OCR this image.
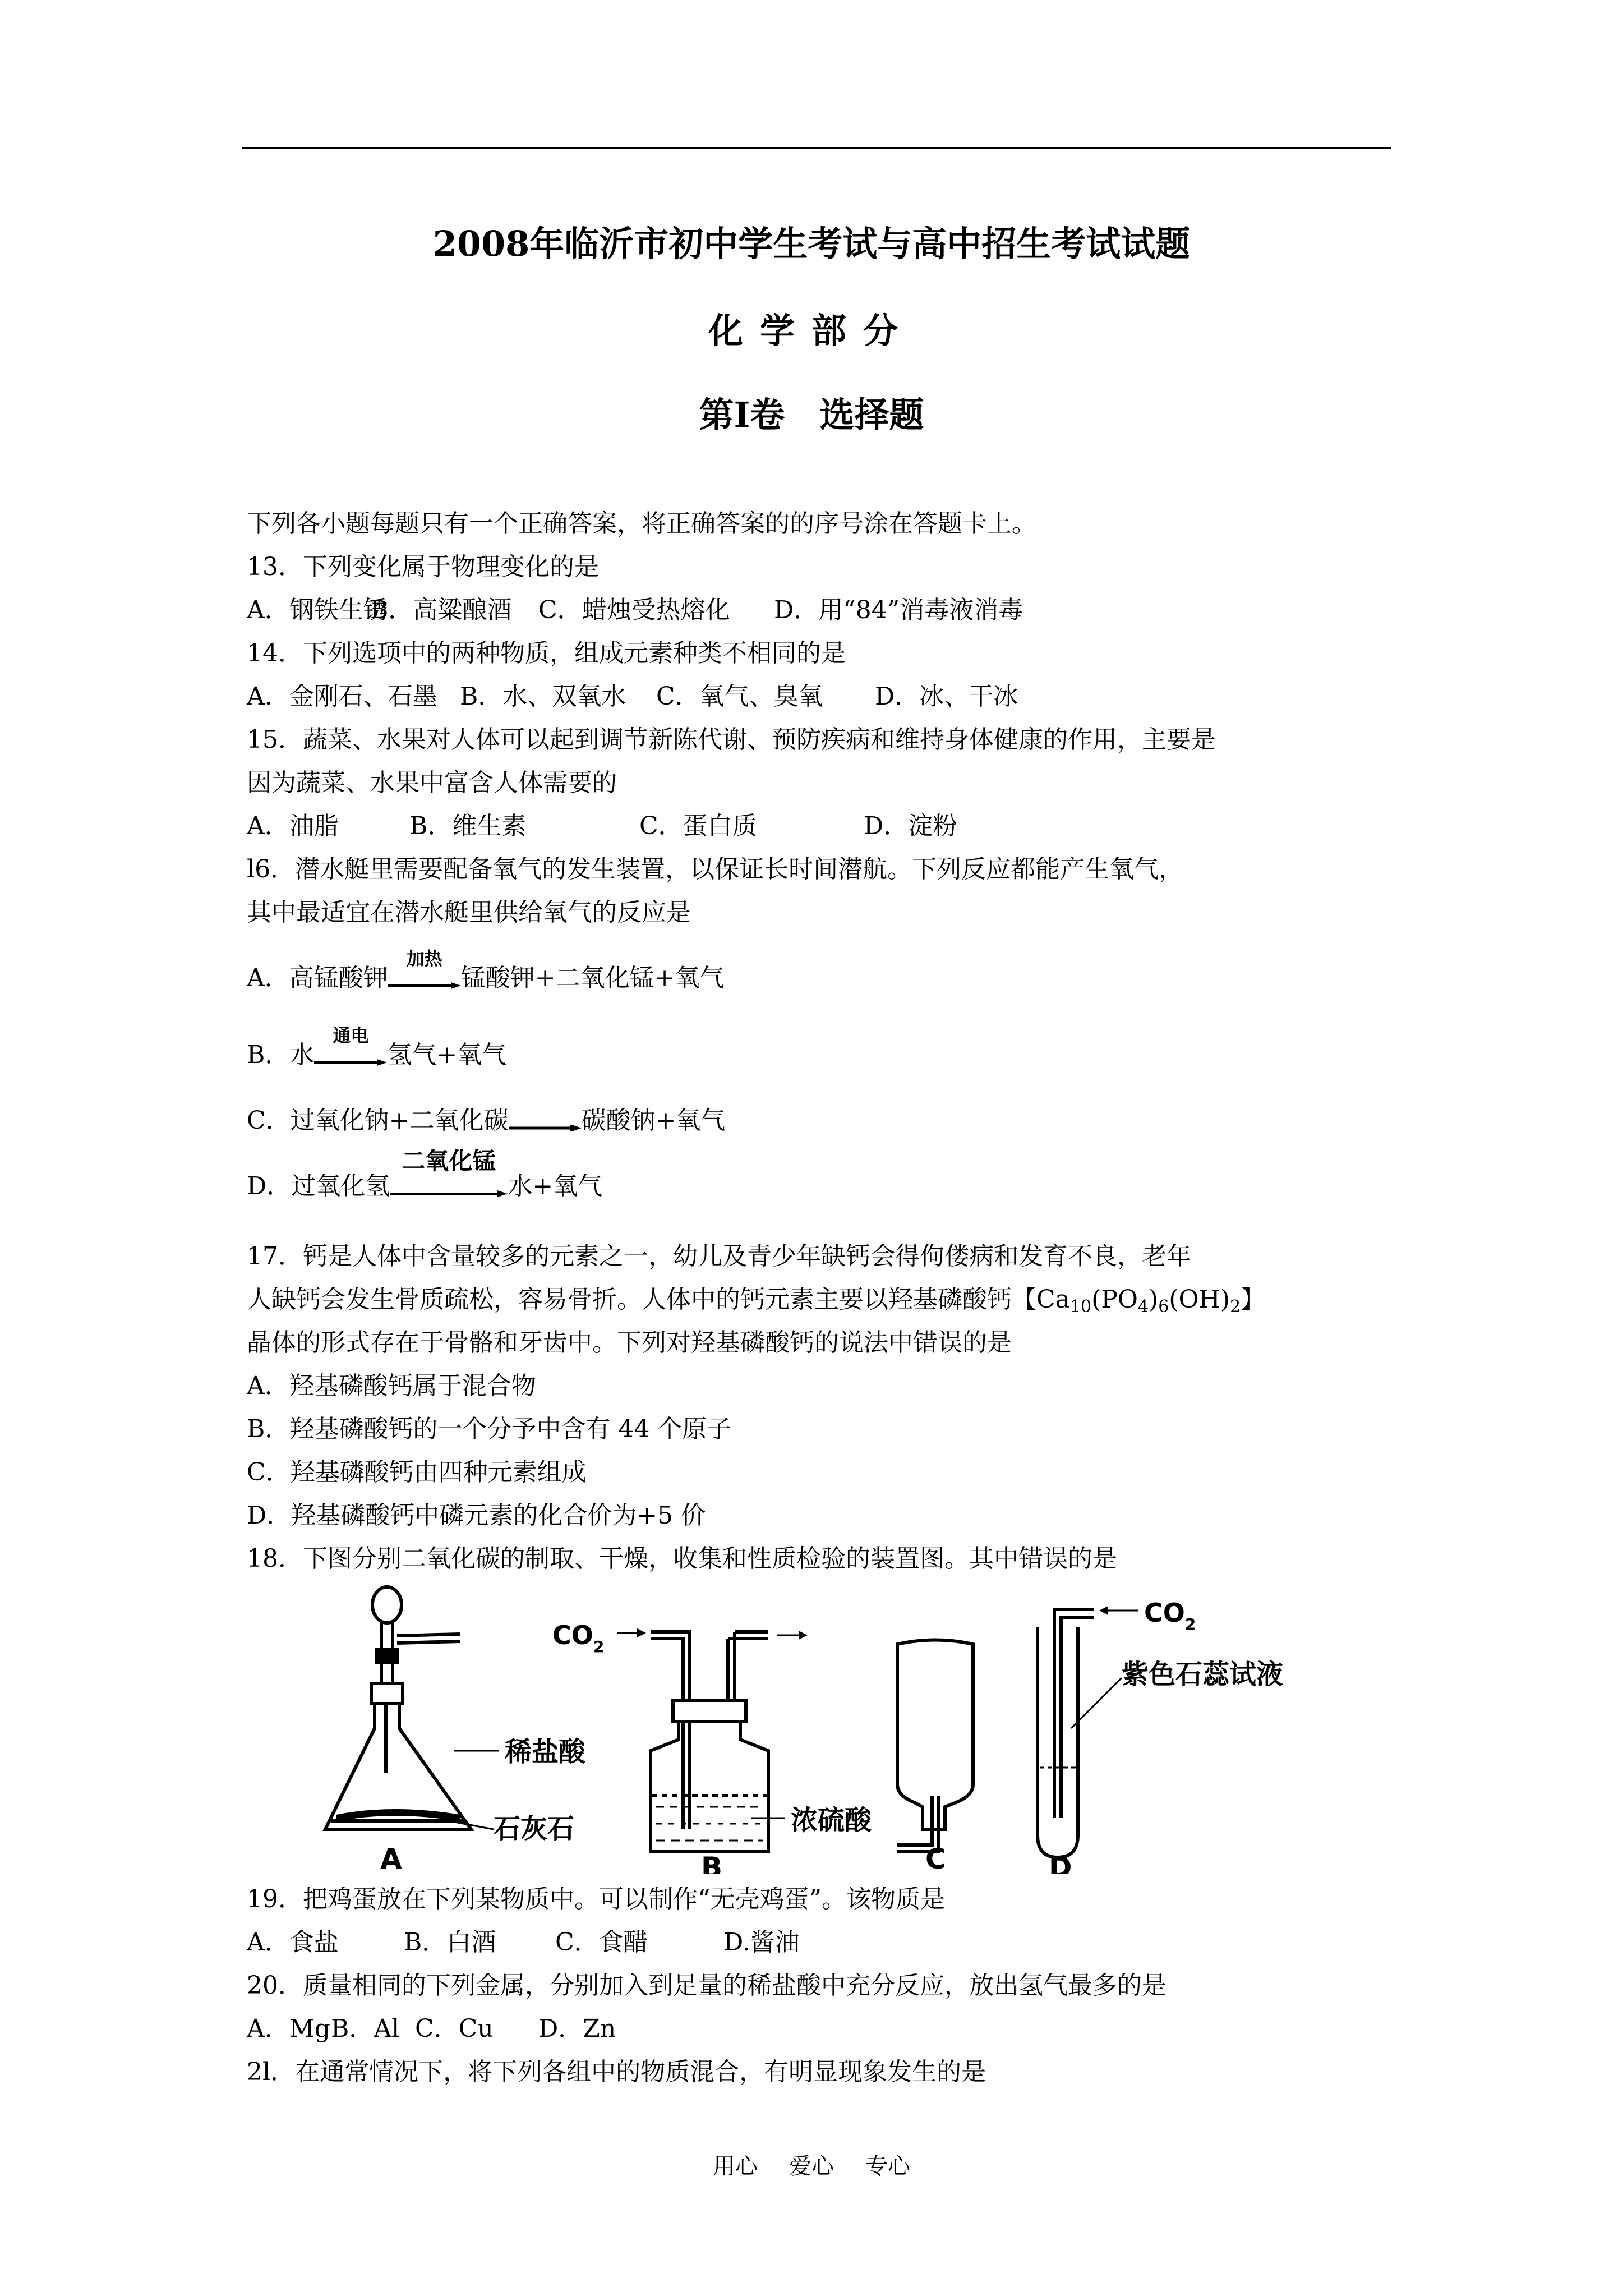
2008年临沂市初中学生考试与高中招生考试试题
化学部分
第Ⅰ卷　选择题
下列各小题每题只有一个正确答案，将正确答案的的序号涂在答题卡上。
13．下列变化属于物理变化的是
A．钢铁生锈B．高粱酿酒 C．蜡烛受热熔化 D．用“84”消毒液消毒
14．下列选项中的两种物质，组成元素种类不相同的是
A．金刚石、石墨 B．水、双氧水 C．氧气、臭氧 D．冰、干冰
15．蔬菜、水果对人体可以起到调节新陈代谢、预防疾病和维持身体健康的作用，主要是
因为蔬菜、水果中富含人体需要的
A．油脂	B．维生素	C．蛋白质	D．淀粉
l6．潜水艇里需要配备氧气的发生装置，以保证长时间潜航。下列反应都能产生氧气，
其中最适宜在潜水艇里供给氧气的反应是
A．高锰酸钾
加热
锰酸钾+二氧化锰+氧气
B．水
通电
氢气+氧气
C．过氧化钠+二氧化碳	碳酸钠+氧气
D．过氧化氢
二氧化锰
水+氧气
17．钙是人体中含量较多的元素之一，幼儿及青少年缺钙会得佝偻病和发育不良，老年
人缺钙会发生骨质疏松，容易骨折。人体中的钙元素主要以羟基磷酸钙【$Ca_{10}(PO_4)_6(OH)_2$】
晶体的形式存在于骨骼和牙齿中。下列对羟基磷酸钙的说法中错误的是
A．羟基磷酸钙属于混合物
B．羟基磷酸钙的一个分予中含有 44 个原子
C．羟基磷酸钙由四种元素组成
D．羟基磷酸钙中磷元素的化合价为+5 价
18．下图分别二氧化碳的制取、干燥，收集和性质检验的装置图。其中错误的是
稀盐酸
石灰石
A
$CO_2$
浓硫酸
B	C
$CO_2$
紫色石蕊试液
D
19．把鸡蛋放在下列某物质中。可以制作“无壳鸡蛋”。该物质是
A．食盐	B．白酒 C．食醋	D.酱油
20．质量相同的下列金属，分别加入到足量的稀盐酸中充分反应，放出氢气最多的是
A．MgB．Al C．Cu D．Zn
2l．在通常情况下，将下列各组中的物质混合，有明显现象发生的是
用心 爱心 专心
